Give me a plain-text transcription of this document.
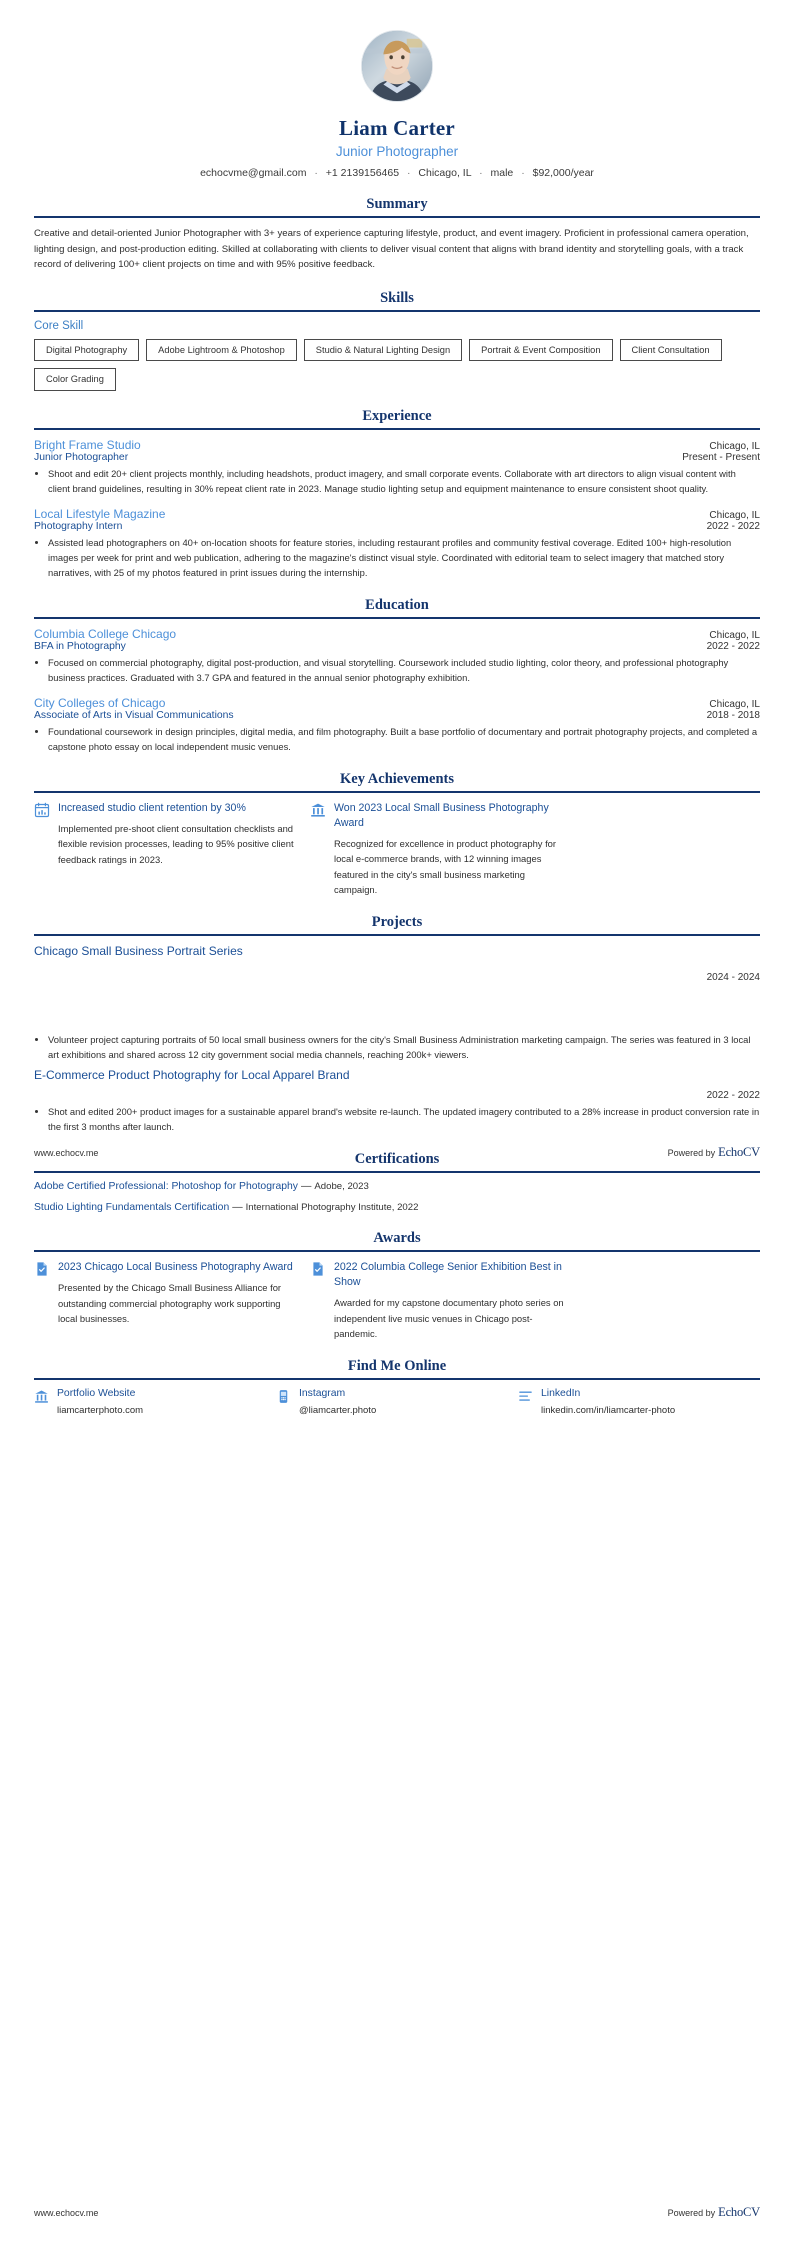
Liam Carter
Junior Photographer
echocvme@gmail.com · +1 2139156465 · Chicago, IL · male · $92,000/year
Summary

Creative and detail-oriented Junior Photographer with 3+ years of experience capturing lifestyle, product, and event imagery. Proficient in professional camera operation, lighting design, and post-production editing. Skilled at collaborating with clients to deliver visual content that aligns with brand identity and storytelling goals, with a track record of delivering 100+ client projects on time and with 95% positive feedback.

Skills
Core Skill
Digital Photography	Adobe Lightroom & Photoshop	Studio & Natural Lighting Design	Portrait & Event Composition	Client Consultation
Color Grading
Experience
Bright Frame Studio	Chicago, IL
Junior Photographer	Present - Present
• Shoot and edit 20+ client projects monthly, including headshots, product imagery, and small corporate events. Collaborate with art directors to align visual content with client brand guidelines, resulting in 30% repeat client rate in 2023. Manage studio lighting setup and equipment maintenance to ensure consistent shoot quality.
Local Lifestyle Magazine	Chicago, IL
Photography Intern	2022 - 2022
• Assisted lead photographers on 40+ on-location shoots for feature stories, including restaurant profiles and community festival coverage. Edited 100+ high-resolution images per week for print and web publication, adhering to the magazine's distinct visual style. Coordinated with editorial team to select imagery that matched story narratives, with 25 of my photos featured in print issues during the internship.
Education
Columbia College Chicago	Chicago, IL
BFA in Photography	2022 - 2022
• Focused on commercial photography, digital post-production, and visual storytelling. Coursework included studio lighting, color theory, and professional photography business practices. Graduated with 3.7 GPA and featured in the annual senior photography exhibition.
City Colleges of Chicago	Chicago, IL
Associate of Arts in Visual Communications	2018 - 2018
• Foundational coursework in design principles, digital media, and film photography. Built a base portfolio of documentary and portrait photography projects, and completed a capstone photo essay on local independent music venues.
Key Achievements
Increased studio client retention by 30%
Implemented pre-shoot client consultation checklists and flexible revision processes, leading to 95% positive client feedback ratings in 2023.
Won 2023 Local Small Business Photography Award
Recognized for excellence in product photography for local e-commerce brands, with 12 winning images featured in the city's small business marketing campaign.
Projects
Chicago Small Business Portrait Series
2024 - 2024
• Volunteer project capturing portraits of 50 local small business owners for the city's Small Business Administration marketing campaign. The series was featured in 3 local art exhibitions and shared across 12 city government social media channels, reaching 200k+ viewers.
E-Commerce Product Photography for Local Apparel Brand
2022 - 2022
• Shot and edited 200+ product images for a sustainable apparel brand's website re-launch. The updated imagery contributed to a 28% increase in product conversion rate in the first 3 months after launch.
Certifications
Adobe Certified Professional: Photoshop for Photography — Adobe, 2023
Studio Lighting Fundamentals Certification — International Photography Institute, 2022
Awards
2023 Chicago Local Business Photography Award
Presented by the Chicago Small Business Alliance for outstanding commercial photography work supporting local businesses.
2022 Columbia College Senior Exhibition Best in Show
Awarded for my capstone documentary photo series on independent live music venues in Chicago post-pandemic.
Find Me Online
Portfolio Website
liamcarterphoto.com
Instagram
@liamcarter.photo
LinkedIn
linkedin.com/in/liamcarter-photo
www.echocv.me	Powered by EchoCV
www.echocv.me	Powered by EchoCV
